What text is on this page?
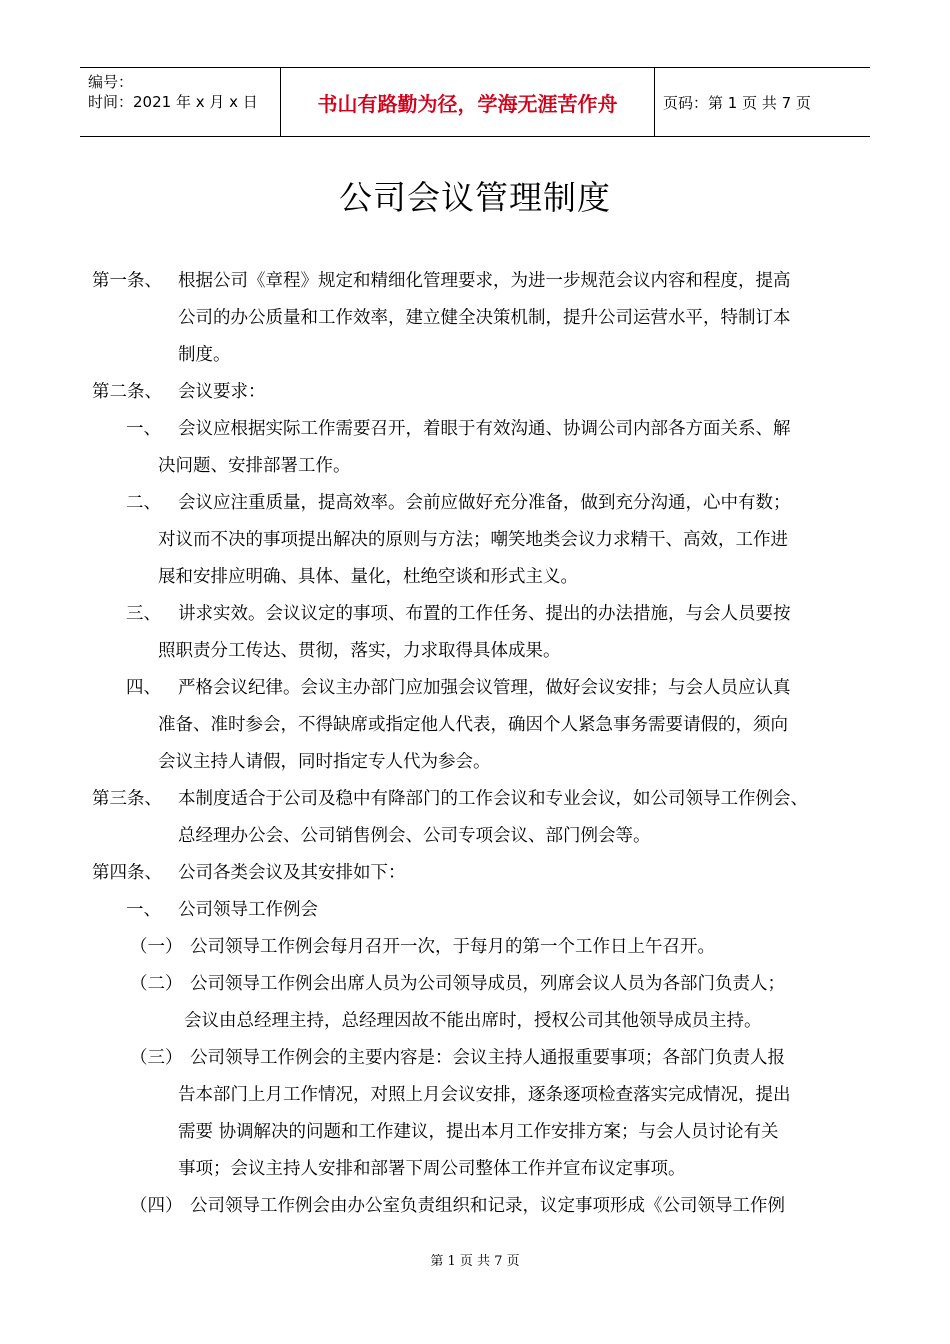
编号：
时间：2021 年 x 月 x 日	书山有路勤为径，学海无涯苦作舟	页码：第 1 页 共 7 页
公司会议管理制度
第一条、 根据公司《章程》规定和精细化管理要求，为进一步规范会议内容和程度，提高
公司的办公质量和工作效率，建立健全决策机制，提升公司运营水平，特制订本
制度。
第二条、 会议要求：
一、 会议应根据实际工作需要召开，着眼于有效沟通、协调公司内部各方面关系、解
决问题、安排部署工作。
二、 会议应注重质量，提高效率。会前应做好充分准备，做到充分沟通，心中有数；
对议而不决的事项提出解决的原则与方法；嘲笑地类会议力求精干、高效，工作进
展和安排应明确、具体、量化，杜绝空谈和形式主义。
三、 讲求实效。会议议定的事项、布置的工作任务、提出的办法措施，与会人员要按
照职责分工传达、贯彻，落实，力求取得具体成果。
四、 严格会议纪律。会议主办部门应加强会议管理，做好会议安排；与会人员应认真
准备、准时参会，不得缺席或指定他人代表，确因个人紧急事务需要请假的，须向
会议主持人请假，同时指定专人代为参会。
第三条、 本制度适合于公司及稳中有降部门的工作会议和专业会议，如公司领导工作例会、
总经理办公会、公司销售例会、公司专项会议、部门例会等。
第四条、 公司各类会议及其安排如下：
一、 公司领导工作例会
（一） 公司领导工作例会每月召开一次，于每月的第一个工作日上午召开。
（二） 公司领导工作例会出席人员为公司领导成员，列席会议人员为各部门负责人；
会议由总经理主持，总经理因故不能出席时，授权公司其他领导成员主持。
（三） 公司领导工作例会的主要内容是：会议主持人通报重要事项；各部门负责人报
告本部门上月工作情况，对照上月会议安排，逐条逐项检查落实完成情况，提出
需要 协调解决的问题和工作建议，提出本月工作安排方案；与会人员讨论有关
事项；会议主持人安排和部署下周公司整体工作并宣布议定事项。
（四） 公司领导工作例会由办公室负责组织和记录，议定事项形成《公司领导工作例
第 1 页 共 7 页
